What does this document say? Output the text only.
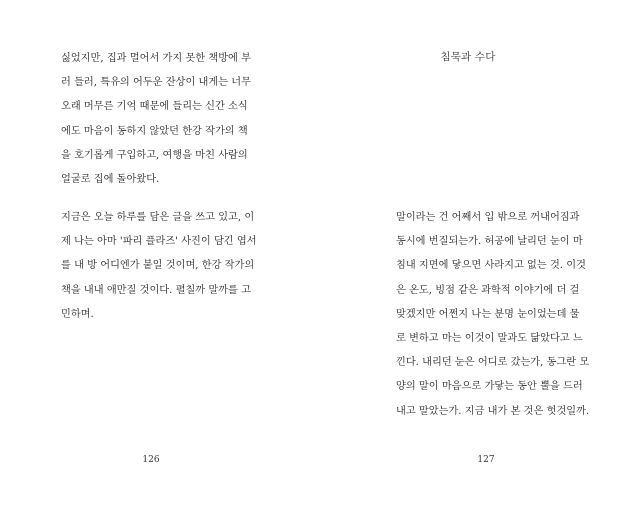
싫었지만, 집과 멀어서 가지 못한 책방에 부
러 들러, 특유의 어두운 잔상이 내게는 너무
오래 머무른 기억 때문에 들리는 신간 소식
에도 마음이 동하지 않았던 한강 작가의 책
을 호기롭게 구입하고, 여행을 마친 사람의
얼굴로 집에 돌아왔다.

지금은 오늘 하루를 담은 글을 쓰고 있고, 이
제 나는 아마 '파리 플라즈' 사진이 담긴 엽서
를 내 방 어디엔가 붙일 것이며, 한강 작가의
책을 내내 애만질 것이다. 펼칠까 말까를 고
민하며.

126
침묵과 수다

말이라는 건 어째서 입 밖으로 꺼내어짐과
동시에 번질되는가. 허공에 날리던 눈이 마
침내 지면에 닿으면 사라지고 없는 것. 이것
은 온도, 빙점 같은 과학적 이야기에 더 걸
맞겠지만 어쩐지 나는 분명 눈이었는데 물
로 변하고 마는 이것이 말과도 닮았다고 느
낀다. 내리던 눈은 어디로 갔는가, 동그란 모
양의 말이 마음으로 가닿는 동안 뿔을 드러
내고 말았는가. 지금 내가 본 것은 헛것일까.

127
